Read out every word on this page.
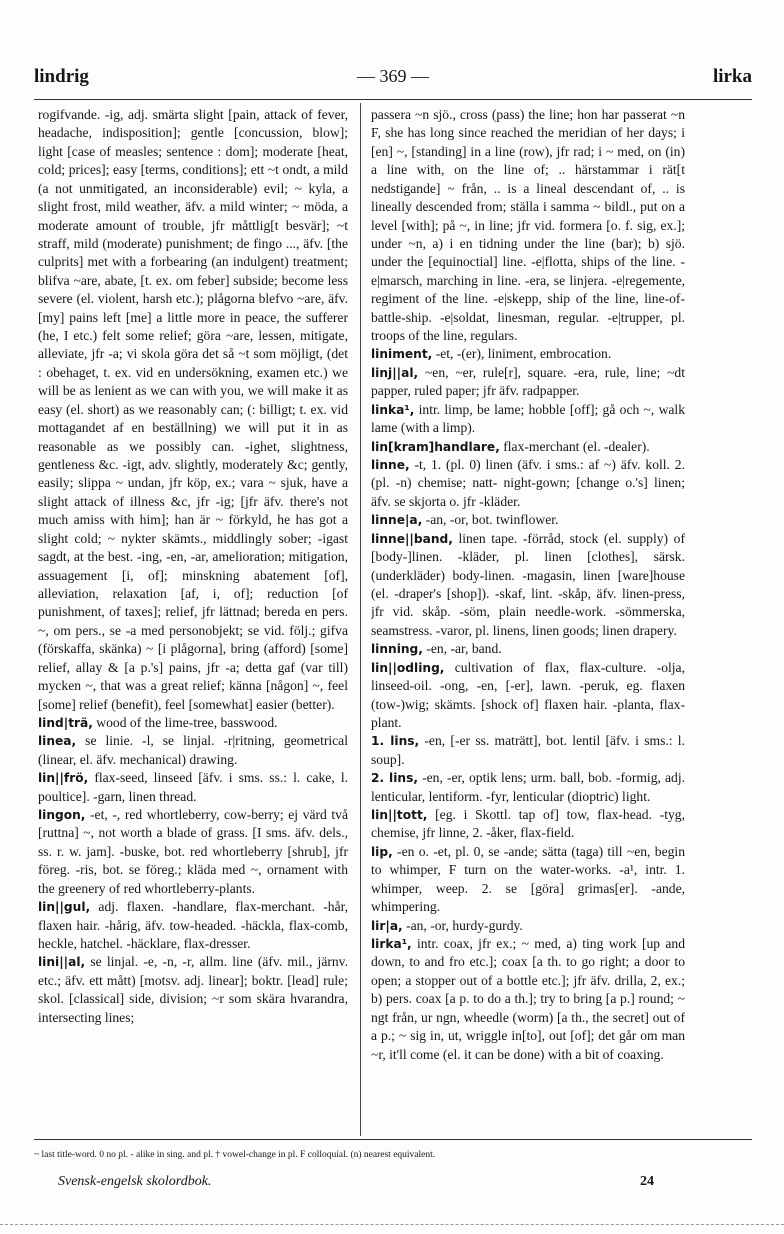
lindrig	— 369 —	lirka

rogifvande. -ig, adj. smärta slight [pain, attack of fever, headache, indisposition]; gentle [concussion, blow]; light [case of measles; sentence : dom]; moderate [heat, cold; prices]; easy [terms, conditions]; ett ~t ondt, a mild (a not unmitigated, an inconsiderable) evil; ~ kyla, a slight frost, mild weather, äfv. a mild winter; ~ möda, a moderate amount of trouble, jfr måttlig[t besvär]; ~t straff, mild (moderate) punishment; de fingo ..., äfv. [the culprits] met with a forbearing (an indulgent) treatment; blifva ~are, abate, [t. ex. om feber] subside; become less severe (el. violent, harsh etc.); plågorna blefvo ~are, äfv. [my] pains left [me] a little more in peace, the sufferer (he, I etc.) felt some relief; göra ~are, lessen, mitigate, alleviate, jfr -a; vi skola göra det så ~t som möjligt, (det : obehaget, t. ex. vid en undersökning, examen etc.) we will be as lenient as we can with you, we will make it as easy (el. short) as we reasonably can; (: billigt; t. ex. vid mottagandet af en beställning) we will put it in as reasonable as we possibly can. -ighet, slightness, gentleness &c. -igt, adv. slightly, moderately &c; gently, easily; slippa ~ undan, jfr köp, ex.; vara ~ sjuk, have a slight attack of illness &c, jfr -ig; [jfr äfv. there's not much amiss with him]; han är ~ förkyld, he has got a slight cold; ~ nykter skämts., middlingly sober; -igast sagdt, at the best. -ing, -en, -ar, amelioration; mitigation, assuagement [i, of]; minskning abatement [of], alleviation, relaxation [af, i, of]; reduction [of punishment, of taxes]; relief, jfr lättnad; bereda en pers. ~, om pers., se -a med personobjekt; se vid. följ.; gifva (förskaffa, skänka) ~ [i plågorna], bring (afford) [some] relief, allay & [a p.'s] pains, jfr -a; detta gaf (var till) mycken ~, that was a great relief; känna [någon] ~, feel [some] relief (benefit), feel [somewhat] easier (better).

lind|trä, wood of the lime-tree, basswood.

linea, se linie. -l, se linjal. -r|ritning, geometrical (linear, el. äfv. mechanical) drawing.

lin||frö, flax-seed, linseed [äfv. i sms. ss.: l. cake, l. poultice]. -garn, linen thread.

lingon, -et, -, red whortleberry, cow-berry; ej värd två [ruttna] ~, not worth a blade of grass. [I sms. äfv. dels., ss. r. w. jam]. -buske, bot. red whortleberry [shrub], jfr föreg. -ris, bot. se föreg.; kläda med ~, ornament with the greenery of red whortleberry-plants.

lin||gul, adj. flaxen. -handlare, flax-merchant. -hår, flaxen hair. -hårig, äfv. tow-headed. -häckla, flax-comb, heckle, hatchel. -häcklare, flax-dresser.

lini||al, se linjal. -e, -n, -r, allm. line (äfv. mil., järnv. etc.; äfv. ett mått) [motsv. adj. linear]; boktr. [lead] rule; skol. [classical] side, division; ~r som skära hvarandra, intersecting lines;

passera ~n sjö., cross (pass) the line; hon har passerat ~n F, she has long since reached the meridian of her days; i [en] ~, [standing] in a line (row), jfr rad; i ~ med, on (in) a line with, on the line of; .. härstammar i rät[t nedstigande] ~ från, .. is a lineal descendant of, .. is lineally descended from; ställa i samma ~ bildl., put on a level [with]; på ~, in line; jfr vid. formera [o. f. sig, ex.]; under ~n, a) i en tidning under the line (bar); b) sjö. under the [equinoctial] line. -e|flotta, ships of the line. -e|marsch, marching in line. -era, se linjera. -e|regemente, regiment of the line. -e|skepp, ship of the line, line-of-battle-ship. -e|soldat, linesman, regular. -e|trupper, pl. troops of the line, regulars.

liniment, -et, -(er), liniment, embrocation.

linj||al, ~en, ~er, rule[r], square. -era, rule, line; ~dt papper, ruled paper; jfr äfv. radpapper.

linka¹, intr. limp, be lame; hobble [off]; gå och ~, walk lame (with a limp).

lin[kram]handlare, flax-merchant (el. -dealer).

linne, -t, 1. (pl. 0) linen (äfv. i sms.: af ~) äfv. koll. 2. (pl. -n) chemise; natt- night-gown; [change o.'s] linen; äfv. se skjorta o. jfr -kläder.

linne|a, -an, -or, bot. twinflower.

linne||band, linen tape. -förråd, stock (el. supply) of [body-]linen. -kläder, pl. linen [clothes], särsk. (underkläder) body-linen. -magasin, linen [ware]house (el. -draper's [shop]). -skaf, lint. -skåp, äfv. linen-press, jfr vid. skåp. -söm, plain needle-work. -sömmerska, seamstress. -varor, pl. linens, linen goods; linen drapery.

linning, -en, -ar, band.

lin||odling, cultivation of flax, flax-culture. -olja, linseed-oil. -ong, -en, [-er], lawn. -peruk, eg. flaxen (tow-)wig; skämts. [shock of] flaxen hair. -planta, flax-plant.

1. lins, -en, [-er ss. maträtt], bot. lentil [äfv. i sms.: l. soup].

2. lins, -en, -er, optik lens; urm. ball, bob. -formig, adj. lenticular, lentiform. -fyr, lenticular (dioptric) light.

lin||tott, [eg. i Skottl. tap of] tow, flax-head. -tyg, chemise, jfr linne, 2. -åker, flax-field.

lip, -en o. -et, pl. 0, se -ande; sätta (taga) till ~en, begin to whimper, F turn on the water-works. -a¹, intr. 1. whimper, weep. 2. se [göra] grimas[er]. -ande, whimpering.

lir|a, -an, -or, hurdy-gurdy.

lirka¹, intr. coax, jfr ex.; ~ med, a) ting work [up and down, to and fro etc.]; coax [a th. to go right; a door to open; a stopper out of a bottle etc.]; jfr äfv. drilla, 2, ex.; b) pers. coax [a p. to do a th.]; try to bring [a p.] round; ~ ngt från, ur ngn, wheedle (worm) [a th., the secret] out of a p.; ~ sig in, ut, wriggle in[to], out [of]; det går om man ~r, it'll come (el. it can be done) with a bit of coaxing.

~ last title-word. 0 no pl. - alike in sing. and pl. † vowel-change in pl. F colloquial. (n) nearest equivalent.
Svensk-engelsk skolordbok.	24
